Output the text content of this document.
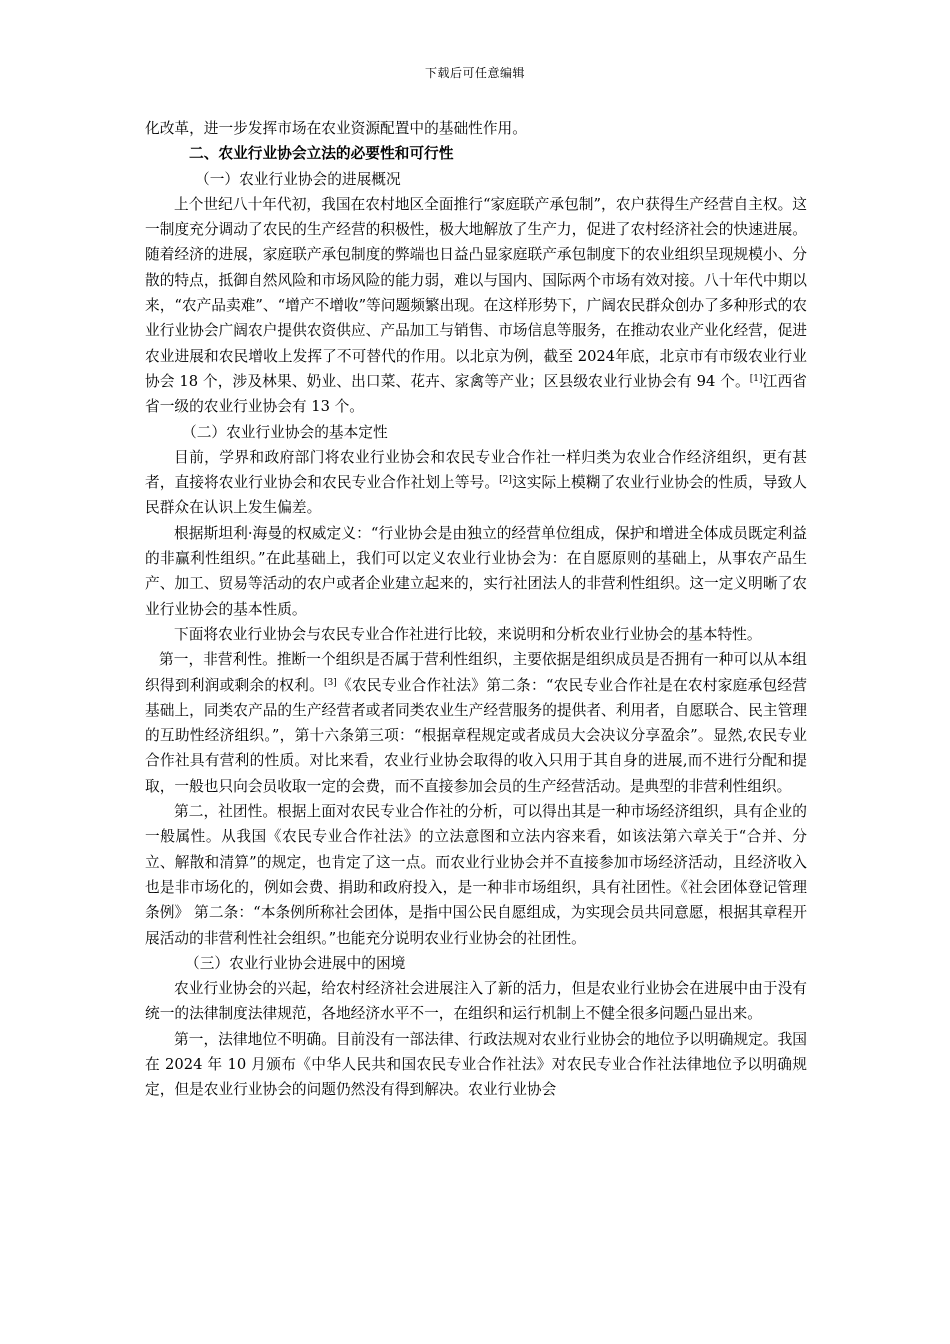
下载后可任意编辑

化改革，进一步发挥市场在农业资源配置中的基础性作用。

二、农业行业协会立法的必要性和可行性

（一）农业行业协会的进展概况

上个世纪八十年代初，我国在农村地区全面推行“家庭联产承包制”，农户获得生产经营自主权。这一制度充分调动了农民的生产经营的积极性，极大地解放了生产力，促进了农村经济社会的快速进展。随着经济的进展，家庭联产承包制度的弊端也日益凸显家庭联产承包制度下的农业组织呈现规模小、分散的特点，抵御自然风险和市场风险的能力弱，难以与国内、国际两个市场有效对接。八十年代中期以来，“农产品卖难”、“增产不增收”等问题频繁出现。在这样形势下，广阔农民群众创办了多种形式的农业行业协会广阔农户提供农资供应、产品加工与销售、市场信息等服务，在推动农业产业化经营，促进农业进展和农民增收上发挥了不可替代的作用。以北京为例，截至 2024年底，北京市有市级农业行业协会 18 个，涉及林果、奶业、出口菜、花卉、家禽等产业；区县级农业行业协会有 94 个。[1]江西省省一级的农业行业协会有 13 个。

（二）农业行业协会的基本定性

目前，学界和政府部门将农业行业协会和农民专业合作社一样归类为农业合作经济组织，更有甚者，直接将农业行业协会和农民专业合作社划上等号。[2]这实际上模糊了农业行业协会的性质，导致人民群众在认识上发生偏差。

根据斯坦利·海曼的权威定义：“行业协会是由独立的经营单位组成，保护和增进全体成员既定利益的非赢利性组织。”在此基础上，我们可以定义农业行业协会为：在自愿原则的基础上，从事农产品生产、加工、贸易等活动的农户或者企业建立起来的，实行社团法人的非营利性组织。这一定义明晰了农业行业协会的基本性质。

下面将农业行业协会与农民专业合作社进行比较，来说明和分析农业行业协会的基本特性。

第一，非营利性。推断一个组织是否属于营利性组织，主要依据是组织成员是否拥有一种可以从本组织得到利润或剩余的权利。[3]《农民专业合作社法》第二条：“农民专业合作社是在农村家庭承包经营基础上，同类农产品的生产经营者或者同类农业生产经营服务的提供者、利用者，自愿联合、民主管理的互助性经济组织。”，第十六条第三项：“根据章程规定或者成员大会决议分享盈余”。显然,农民专业合作社具有营利的性质。对比来看，农业行业协会取得的收入只用于其自身的进展,而不进行分配和提取，一般也只向会员收取一定的会费，而不直接参加会员的生产经营活动。是典型的非营利性组织。

第二，社团性。根据上面对农民专业合作社的分析，可以得出其是一种市场经济组织，具有企业的一般属性。从我国《农民专业合作社法》的立法意图和立法内容来看，如该法第六章关于“合并、分立、解散和清算”的规定，也肯定了这一点。而农业行业协会并不直接参加市场经济活动，且经济收入也是非市场化的，例如会费、捐助和政府投入，是一种非市场组织，具有社团性。《社会团体登记管理条例》 第二条：“本条例所称社会团体，是指中国公民自愿组成，为实现会员共同意愿，根据其章程开展活动的非营利性社会组织。”也能充分说明农业行业协会的社团性。

（三）农业行业协会进展中的困境

农业行业协会的兴起，给农村经济社会进展注入了新的活力，但是农业行业协会在进展中由于没有统一的法律制度法律规范，各地经济水平不一，在组织和运行机制上不健全很多问题凸显出来。

第一，法律地位不明确。目前没有一部法律、行政法规对农业行业协会的地位予以明确规定。我国在 2024 年 10 月颁布《中华人民共和国农民专业合作社法》对农民专业合作社法律地位予以明确规定，但是农业行业协会的问题仍然没有得到解决。农业行业协会
